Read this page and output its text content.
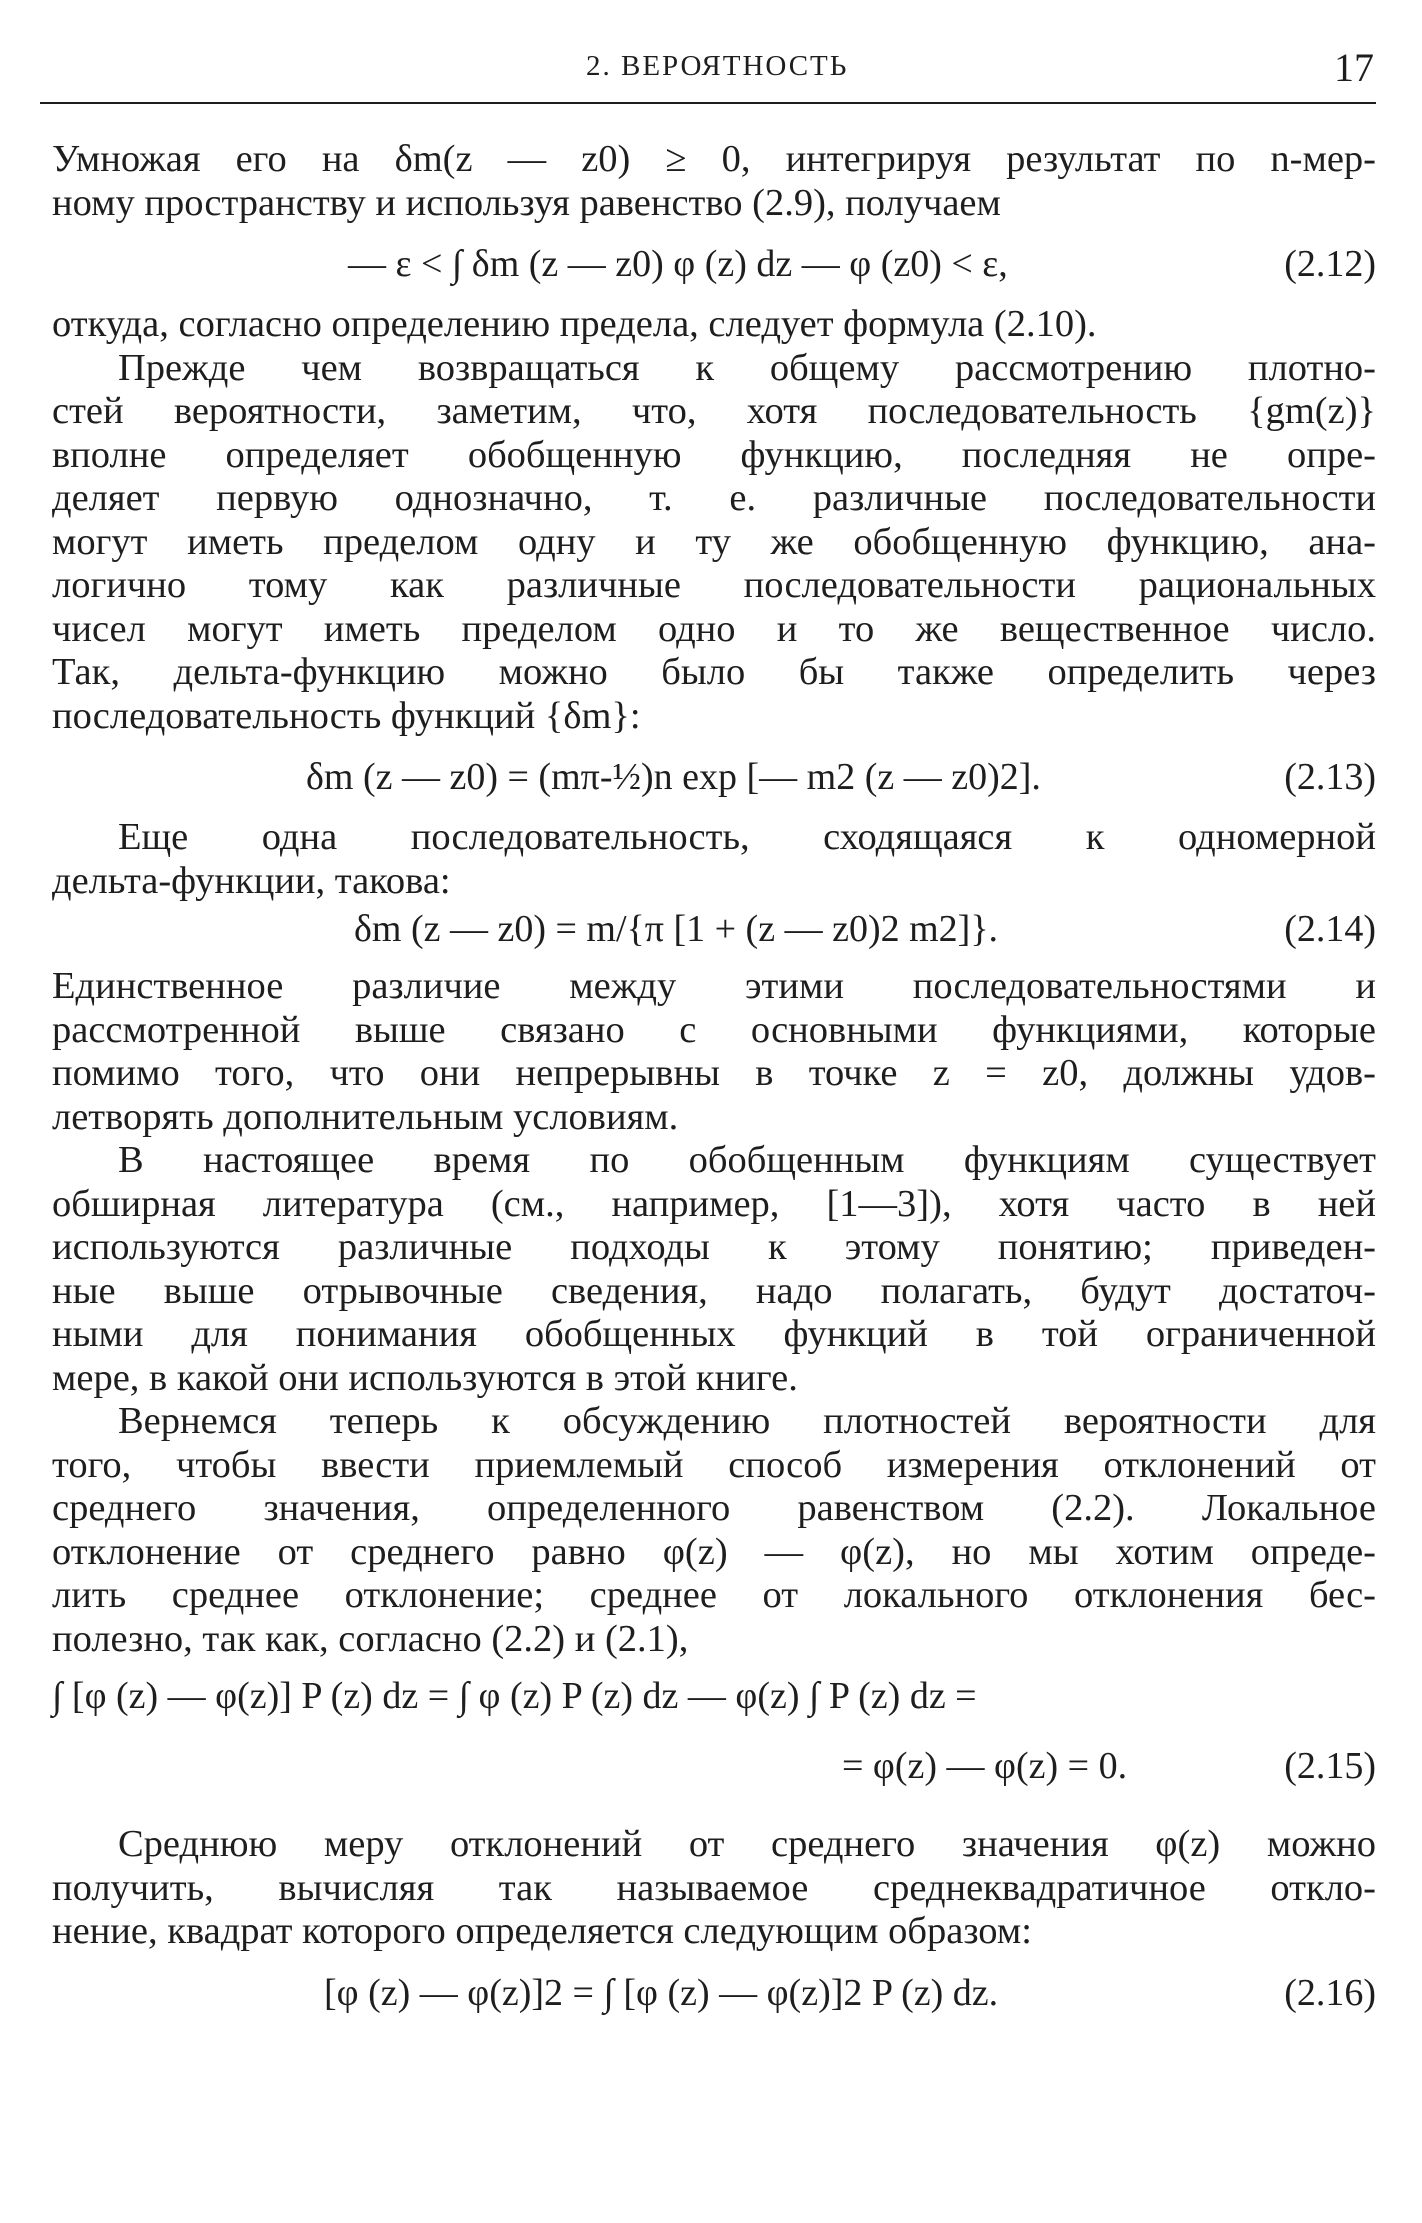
2. ВЕРОЯТНОСТЬ	17
Умножая его на δm(z — z0) ≥ 0, интегрируя результат по n-мер-
ному пространству и используя равенство (2.9), получаем
— ε < ∫ δm (z — z0) φ (z) dz — φ (z0) < ε,	(2.12)
откуда, согласно определению предела, следует формула (2.10).
Прежде чем возвращаться к общему рассмотрению плотно-
стей вероятности, заметим, что, хотя последовательность {gm(z)}
вполне определяет обобщенную функцию, последняя не опре-
деляет первую однозначно, т. е. различные последовательности
могут иметь пределом одну и ту же обобщенную функцию, ана-
логично тому как различные последовательности рациональных
чисел могут иметь пределом одно и то же вещественное число.
Так, дельта-функцию можно было бы также определить через
последовательность функций {δm}:
δm (z — z0) = (mπ-½)n exp [— m2 (z — z0)2].	(2.13)
Еще одна последовательность, сходящаяся к одномерной
дельта-функции, такова:
δm (z — z0) = m/{π [1 + (z — z0)2 m2]}.	(2.14)
Единственное различие между этими последовательностями и
рассмотренной выше связано с основными функциями, которые
помимо того, что они непрерывны в точке z = z0, должны удов-
летворять дополнительным условиям.
В настоящее время по обобщенным функциям существует
обширная литература (см., например, [1—3]), хотя часто в ней
используются различные подходы к этому понятию; приведен-
ные выше отрывочные сведения, надо полагать, будут достаточ-
ными для понимания обобщенных функций в той ограниченной
мере, в какой они используются в этой книге.
Вернемся теперь к обсуждению плотностей вероятности для
того, чтобы ввести приемлемый способ измерения отклонений от
среднего значения, определенного равенством (2.2). Локальное
отклонение от среднего равно φ(z) — φ(z), но мы хотим опреде-
лить среднее отклонение; среднее от локального отклонения бес-
полезно, так как, согласно (2.2) и (2.1),
∫ [φ (z) — φ(z)] P (z) dz = ∫ φ (z) P (z) dz — φ(z) ∫ P (z) dz =
= φ(z) — φ(z) = 0.	(2.15)
Среднюю меру отклонений от среднего значения φ(z) можно
получить, вычисляя так называемое среднеквадратичное откло-
нение, квадрат которого определяется следующим образом:
[φ (z) — φ(z)]2 = ∫ [φ (z) — φ(z)]2 P (z) dz.	(2.16)
